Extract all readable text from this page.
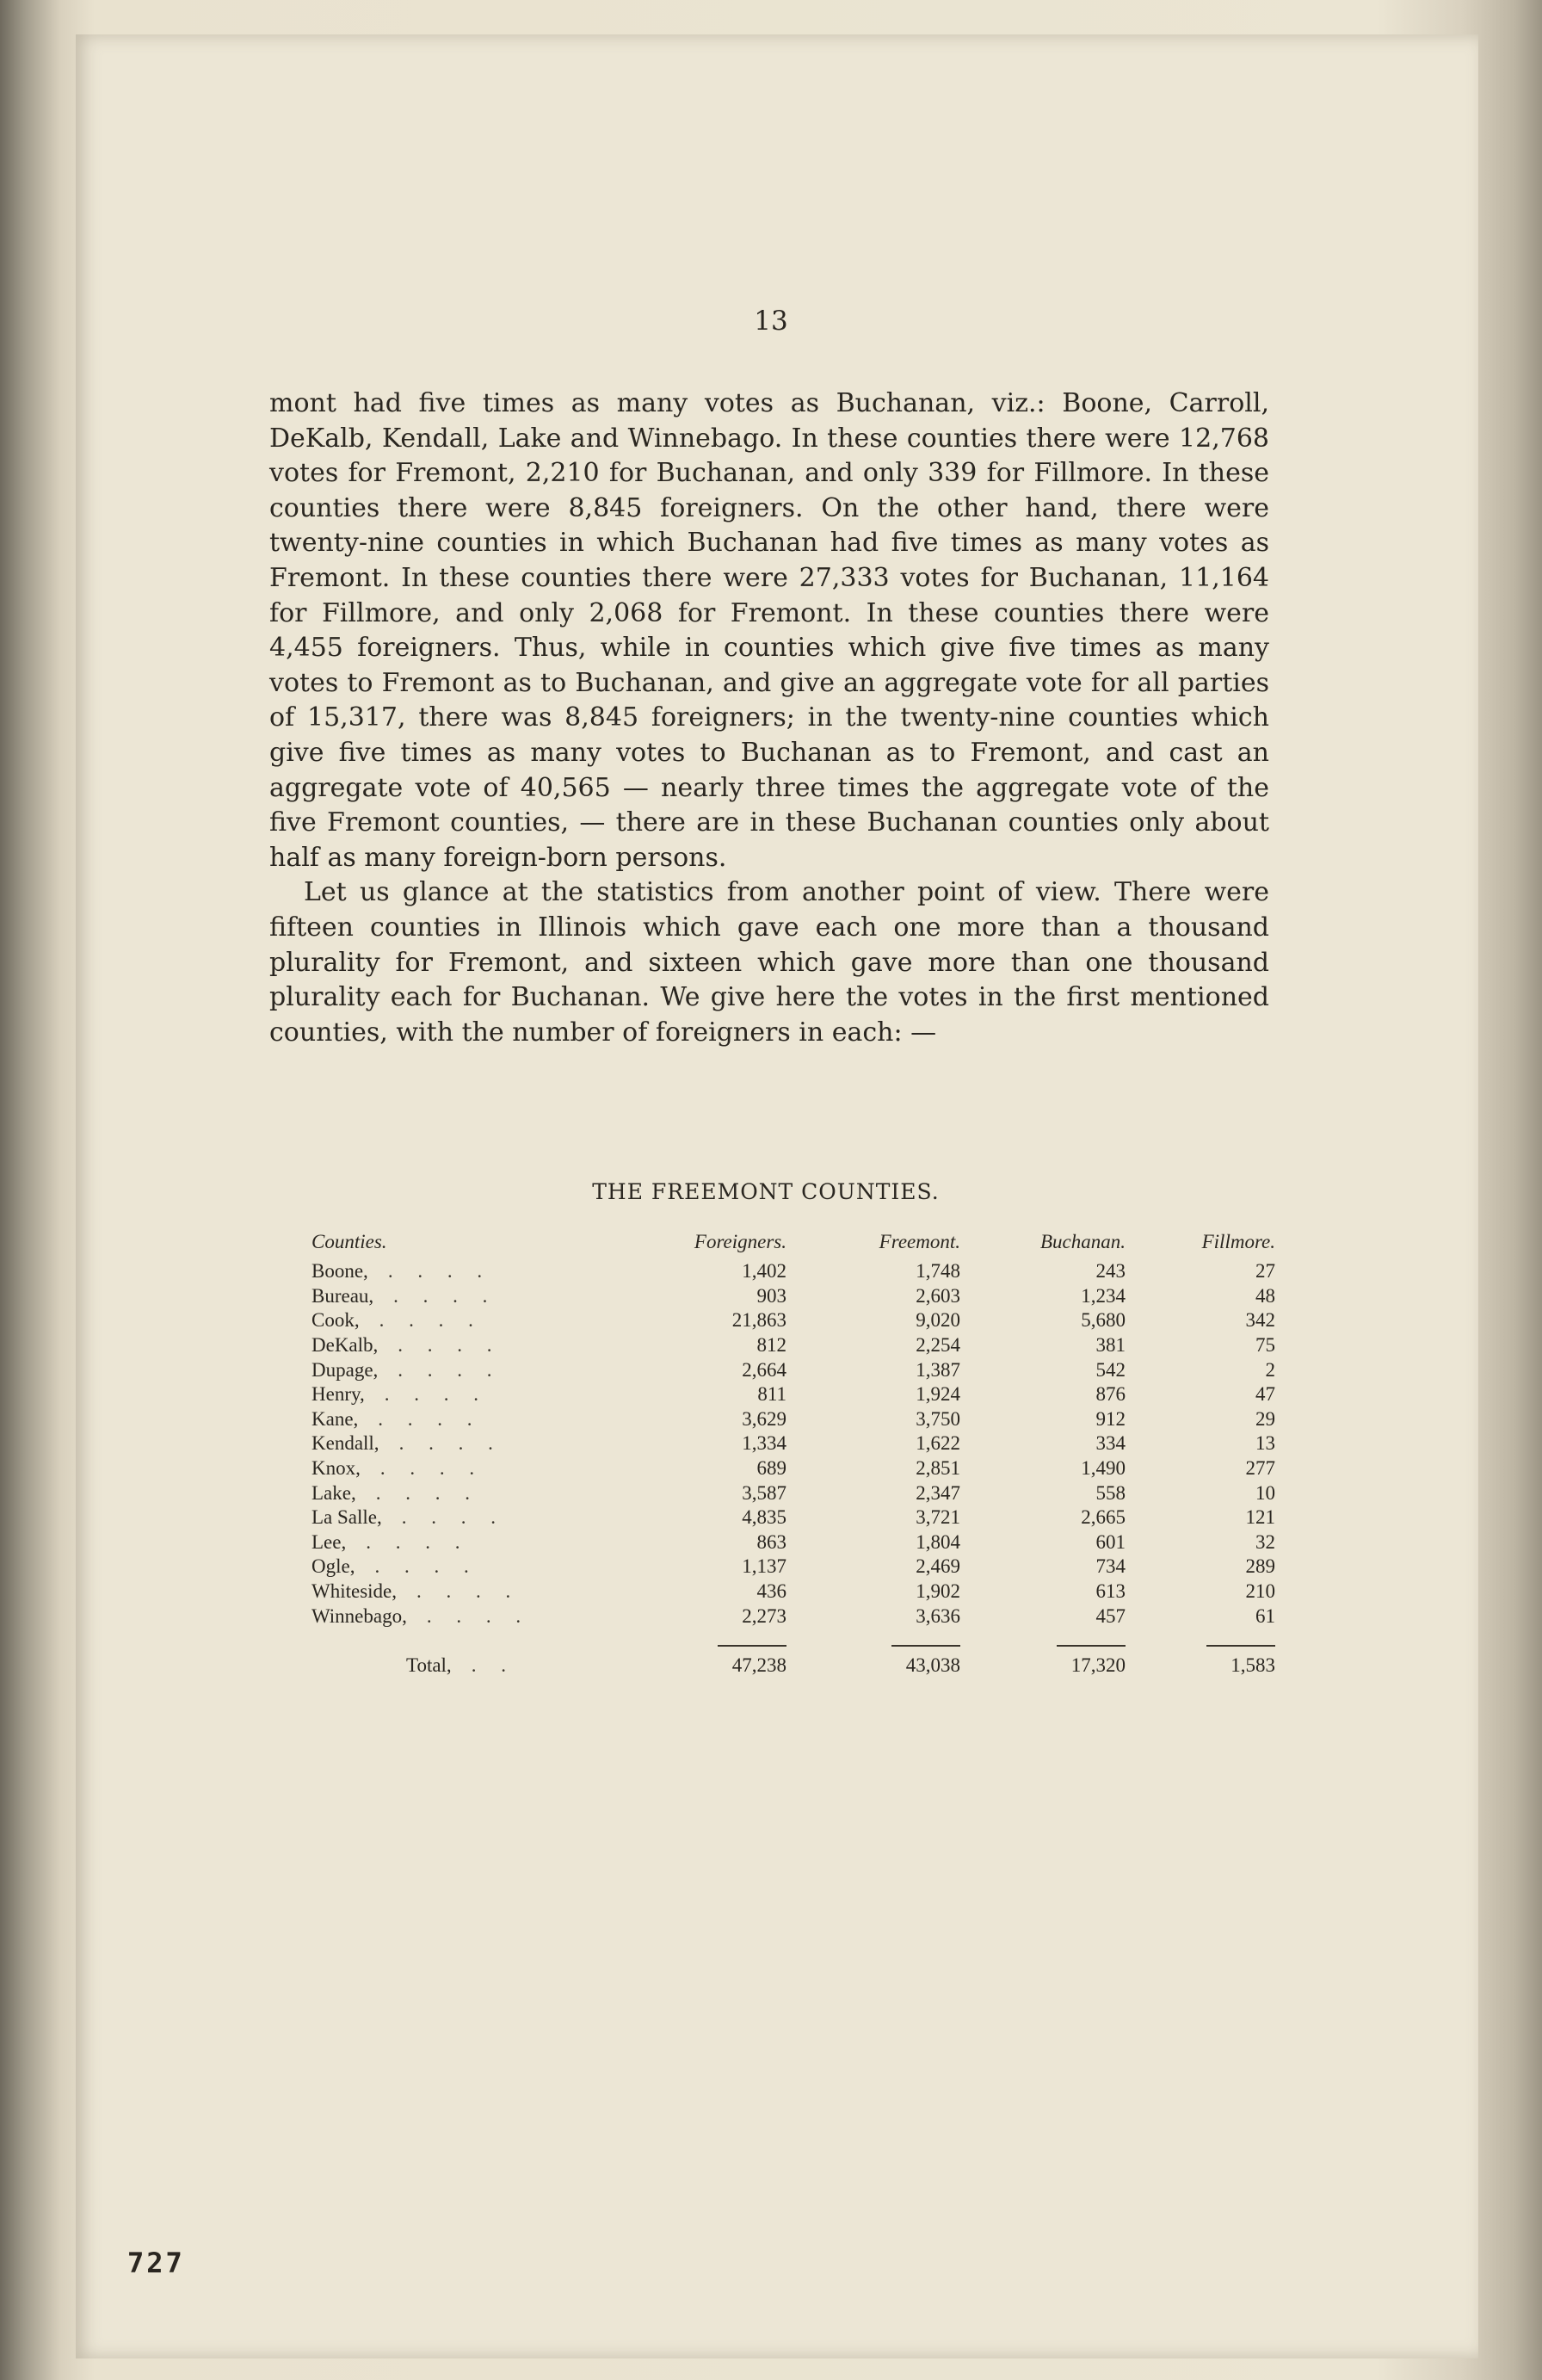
13

mont had five times as many votes as Buchanan, viz.: Boone, Carroll, DeKalb, Kendall, Lake and Winnebago. In these counties there were 12,768 votes for Fremont, 2,210 for Buchanan, and only 339 for Fillmore. In these counties there were 8,845 foreigners. On the other hand, there were twenty-nine counties in which Buchanan had five times as many votes as Fremont. In these counties there were 27,333 votes for Buchanan, 11,164 for Fillmore, and only 2,068 for Fremont. In these counties there were 4,455 foreigners. Thus, while in counties which give five times as many votes to Fremont as to Buchanan, and give an aggregate vote for all parties of 15,317, there was 8,845 foreigners; in the twenty-nine counties which give five times as many votes to Buchanan as to Fremont, and cast an aggregate vote of 40,565 — nearly three times the aggregate vote of the five Fremont counties, — there are in these Buchanan counties only about half as many foreign-born persons.

Let us glance at the statistics from another point of view. There were fifteen counties in Illinois which gave each one more than a thousand plurality for Fremont, and sixteen which gave more than one thousand plurality each for Buchanan. We give here the votes in the first mentioned counties, with the number of foreigners in each: —

THE FREEMONT COUNTIES.
Counties.	Foreigners.	Freemont.	Buchanan.	Fillmore.
Boone, .  .  .  .	1,402	1,748	243	27
Bureau, .  .  .  .	903	2,603	1,234	48
Cook, .  .  .  .	21,863	9,020	5,680	342
DeKalb, .  .  .  .	812	2,254	381	75
Dupage, .  .  .  .	2,664	1,387	542	2
Henry, .  .  .  .	811	1,924	876	47
Kane, .  .  .  .	3,629	3,750	912	29
Kendall, .  .  .  .	1,334	1,622	334	13
Knox, .  .  .  .	689	2,851	1,490	277
Lake, .  .  .  .	3,587	2,347	558	10
La Salle, .  .  .  .	4,835	3,721	2,665	121
Lee, .  .  .  .	863	1,804	601	32
Ogle, .  .  .  .	1,137	2,469	734	289
Whiteside, .  .  .  .	436	1,902	613	210
Winnebago, .  .  .  .	2,273	3,636	457	61

Total, .  .	47,238	43,038	17,320	1,583
727
